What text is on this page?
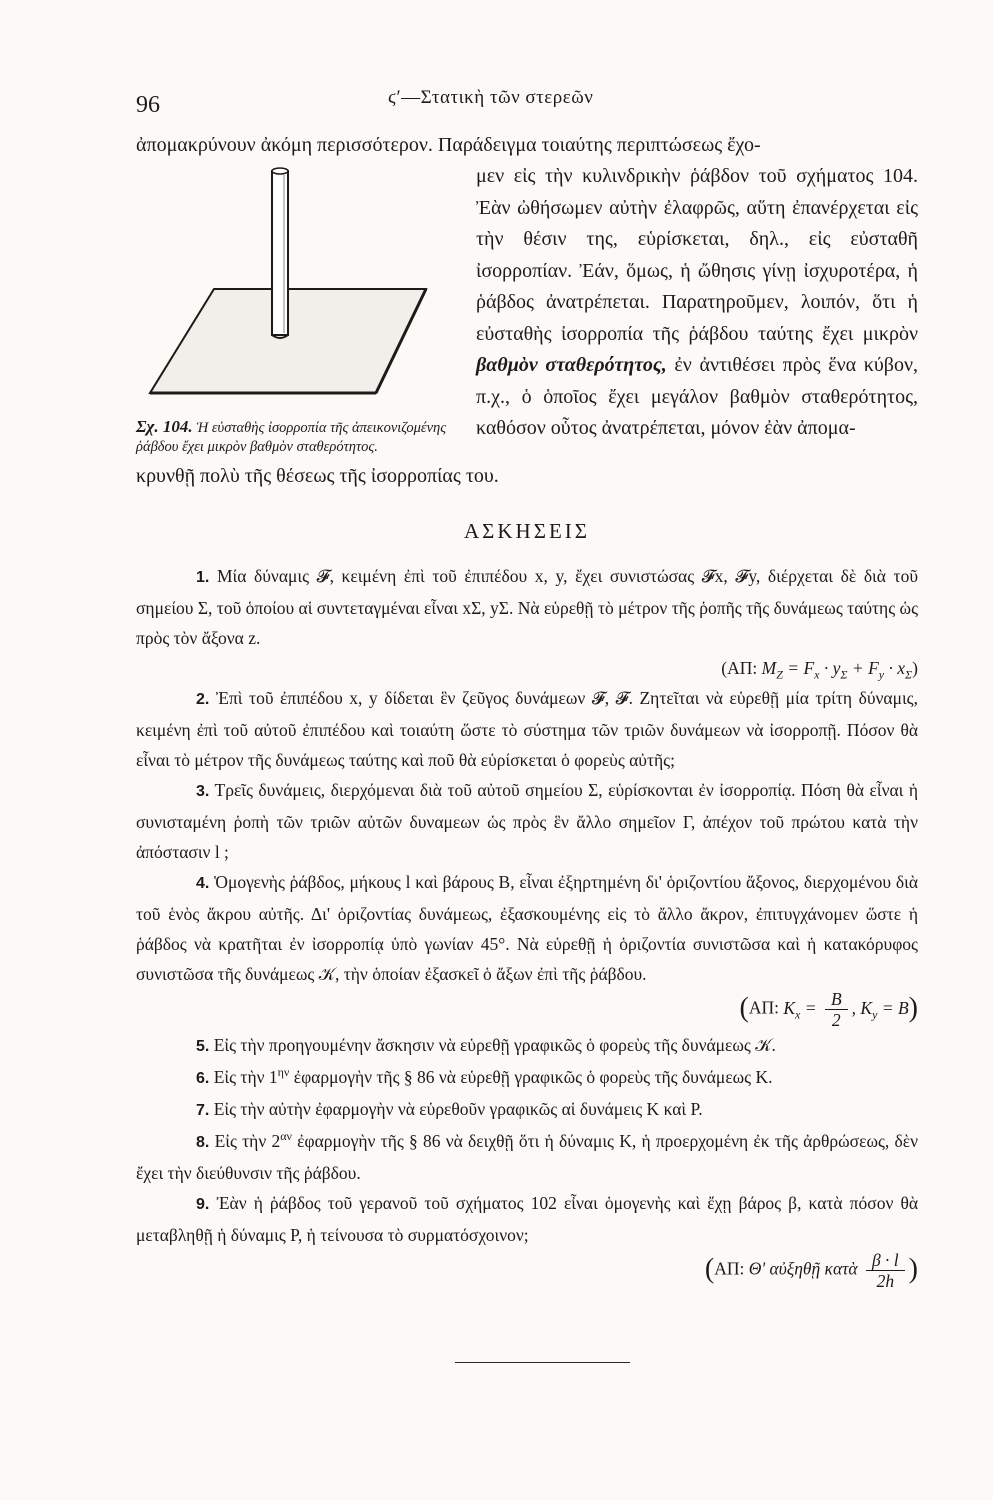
96	ϛ′—Στατικὴ τῶν στερεῶν

ἀπομακρύνουν ἀκόμη περισσότερον. Παράδειγμα τοιαύτης περιπτώσεως ἔχο-

Σχ. 104. Ἡ εὐσταθὴς ἰσορροπία τῆς ἀπεικονιζομένης ῥάβδου ἔχει μικρὸν βαθμὸν σταθερότητος.

μεν εἰς τὴν κυλινδρικὴν ῥάβδον τοῦ σχήματος 104. Ἐὰν ὠθήσωμεν αὐτὴν ἐλαφρῶς, αὕτη ἐπανέρχεται εἰς τὴν θέσιν της, εὑρίσκεται, δηλ., εἰς εὐσταθῆ ἰσορροπίαν. Ἐάν, ὅμως, ἡ ὤθησις γίνῃ ἰσχυροτέρα, ἡ ῥάβδος ἀνατρέπεται. Παρατηροῦμεν, λοιπόν, ὅτι ἡ εὐσταθὴς ἰσορροπία τῆς ῥάβδου ταύτης ἔχει μικρὸν βαθμὸν σταθερότητος, ἐν ἀντιθέσει πρὸς ἕνα κύβον, π.χ., ὁ ὁποῖος ἔχει μεγάλον βαθμὸν σταθερότητος, καθόσον οὗτος ἀνατρέπεται, μόνον ἐὰν ἀπομα-

κρυνθῇ πολὺ τῆς θέσεως τῆς ἰσορροπίας του.

ΑΣΚΗΣΕΙΣ

1. Μία δύναμις 𝓕, κειμένη ἐπὶ τοῦ ἐπιπέδου x, y, ἔχει συνιστώσας 𝓕x, 𝓕y, διέρχεται δὲ διὰ τοῦ σημείου Σ, τοῦ ὁποίου αἱ συντεταγμέναι εἶναι xΣ, yΣ. Νὰ εὑρεθῇ τὸ μέτρον τῆς ῥοπῆς τῆς δυνάμεως ταύτης ὡς πρὸς τὸν ἄξονα z.

(ΑΠ: $M_Z = F_x \cdot y_\Sigma + F_y \cdot x_\Sigma$)

2. Ἐπὶ τοῦ ἐπιπέδου x, y δίδεται ἓν ζεῦγος δυνάμεων 𝓕, 𝓕. Ζητεῖται νὰ εὑρεθῇ μία τρίτη δύναμις, κειμένη ἐπὶ τοῦ αὐτοῦ ἐπιπέδου καὶ τοιαύτη ὥστε τὸ σύστημα τῶν τριῶν δυνάμεων νὰ ἰσορροπῇ. Πόσον θὰ εἶναι τὸ μέτρον τῆς δυνάμεως ταύτης καὶ ποῦ θὰ εὑρίσκεται ὁ φορεὺς αὐτῆς;

3. Τρεῖς δυνάμεις, διερχόμεναι διὰ τοῦ αὐτοῦ σημείου Σ, εὑρίσκονται ἐν ἰσορροπίᾳ. Πόση θὰ εἶναι ἡ συνισταμένη ῥοπὴ τῶν τριῶν αὐτῶν δυναμεων ὡς πρὸς ἓν ἄλλο σημεῖον Γ, ἀπέχον τοῦ πρώτου κατὰ τὴν ἀπόστασιν l ;

4. Ὁμογενὴς ῥάβδος, μήκους l καὶ βάρους B, εἶναι ἐξηρτημένη δι' ὁριζοντίου ἄξονος, διερχομένου διὰ τοῦ ἑνὸς ἄκρου αὐτῆς. Δι' ὁριζοντίας δυνάμεως, ἐξασκουμένης εἰς τὸ ἄλλο ἄκρον, ἐπιτυγχάνομεν ὥστε ἡ ῥάβδος νὰ κρατῆται ἐν ἰσορροπίᾳ ὑπὸ γωνίαν 45°. Νὰ εὑρεθῇ ἡ ὁριζοντία συνιστῶσα καὶ ἡ κατακόρυφος συνιστῶσα τῆς δυνάμεως 𝒦, τὴν ὁποίαν ἐξασκεῖ ὁ ἄξων ἐπὶ τῆς ῥάβδου.

(ΑΠ: $K_x = \frac{B}{2}$ , $K_y = B$)

5. Εἰς τὴν προηγουμένην ἄσκησιν νὰ εὑρεθῇ γραφικῶς ὁ φορεὺς τῆς δυνάμεως 𝒦.

6. Εἰς τὴν $1^{\eta\nu}$ ἐφαρμογὴν τῆς § 86 νὰ εὑρεθῇ γραφικῶς ὁ φορεὺς τῆς δυνάμεως K.

7. Εἰς τὴν αὐτὴν ἐφαρμογὴν νὰ εὑρεθοῦν γραφικῶς αἱ δυνάμεις K καὶ P.

8. Εἰς τὴν $2^{\alpha\nu}$ ἐφαρμογὴν τῆς § 86 νὰ δειχθῇ ὅτι ἡ δύναμις K, ἡ προερχομένη ἐκ τῆς ἀρθρώσεως, δὲν ἔχει τὴν διεύθυνσιν τῆς ῥάβδου.

9. Ἐὰν ἡ ῥάβδος τοῦ γερανοῦ τοῦ σχήματος 102 εἶναι ὁμογενὴς καὶ ἔχῃ βάρος β, κατὰ πόσον θὰ μεταβληθῇ ἡ δύναμις P, ἡ τείνουσα τὸ συρματόσχοινον;

(ΑΠ: Θ' αὐξηθῇ κατὰ $\frac{\beta \cdot l}{2h}$ )
